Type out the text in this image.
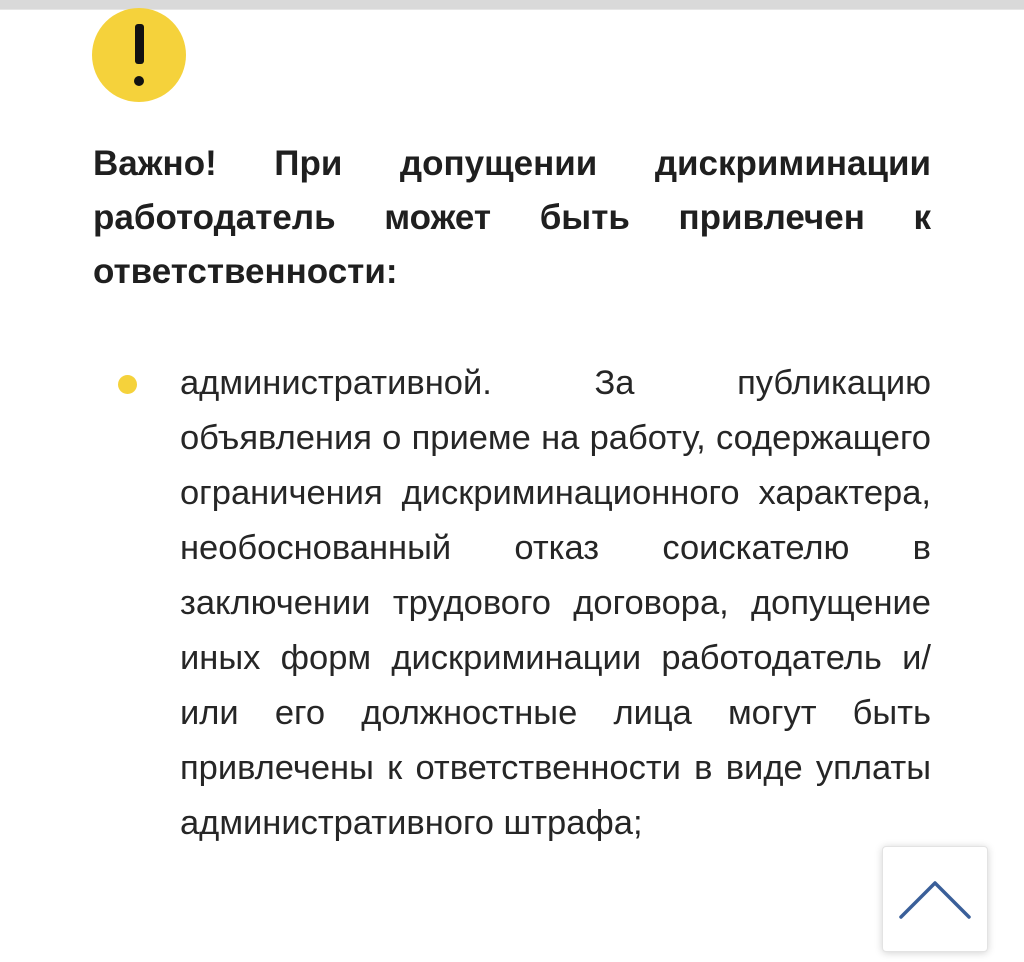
Важно! При допущении дискриминации работодатель может быть привлечен к ответственности:

административной. За публикацию объявления о приеме на работу, содержащего ограничения дискриминационного характера, необоснованный отказ соискателю в заключении трудового договора, допущение иных форм дискриминации работодатель и/или его должностные лица могут быть привлечены к ответственности в виде уплаты административного штрафа;
